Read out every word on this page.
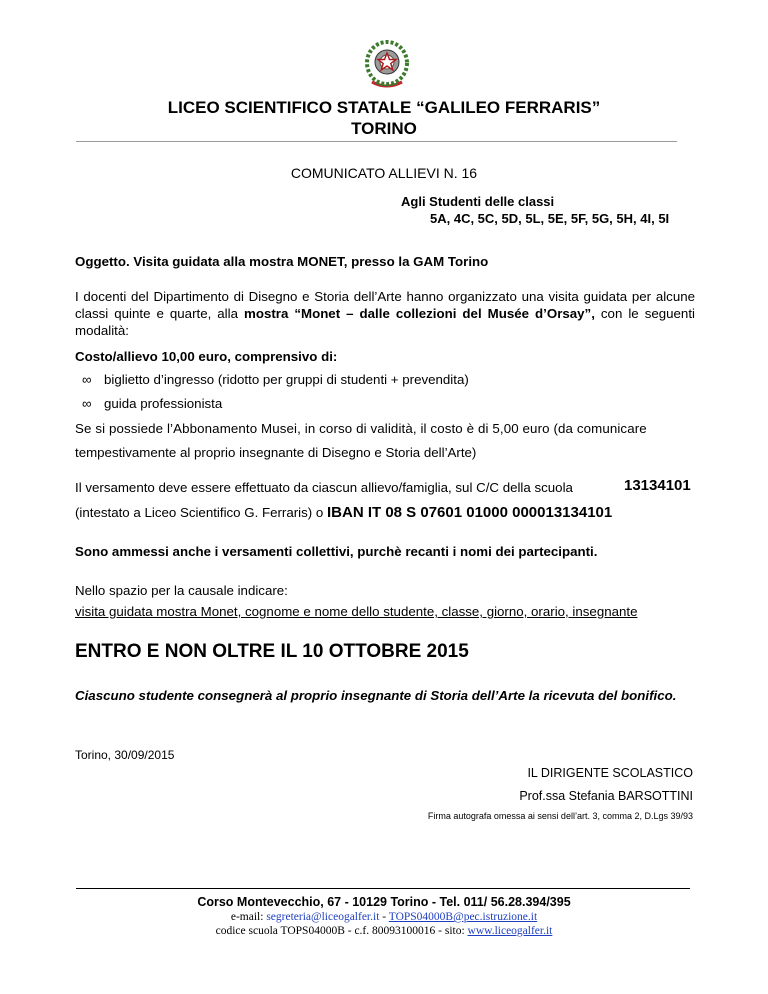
LICEO SCIENTIFICO STATALE “GALILEO FERRARIS”
TORINO
COMUNICATO ALLIEVI N. 16
Agli Studenti delle classi
5A, 4C, 5C, 5D, 5L, 5E, 5F, 5G, 5H, 4I, 5I
Oggetto. Visita guidata alla mostra MONET, presso la GAM Torino
I docenti del Dipartimento di Disegno e Storia dell’Arte hanno organizzato una visita guidata per alcune classi quinte e quarte, alla mostra “Monet – dalle collezioni del Musée d’Orsay”, con le seguenti modalità:
Costo/allievo 10,00 euro, comprensivo di:
∞ biglietto d’ingresso (ridotto per gruppi di studenti + prevendita)
∞ guida professionista
Se si possiede l’Abbonamento Musei, in corso di validità, il costo è di 5,00 euro (da comunicare
tempestivamente al proprio insegnante di Disegno e Storia dell’Arte)
Il versamento deve essere effettuato da ciascun allievo/famiglia, sul C/C della scuola	13134101
(intestato a Liceo Scientifico G. Ferraris) o IBAN IT 08 S 07601 01000 000013134101
Sono ammessi anche i versamenti collettivi, purchè recanti i nomi dei partecipanti.
Nello spazio per la causale indicare:
visita guidata mostra Monet, cognome e nome dello studente, classe, giorno, orario, insegnante
ENTRO E NON OLTRE IL 10 OTTOBRE 2015
Ciascuno studente consegnerà al proprio insegnante di Storia dell’Arte la ricevuta del bonifico.
Torino, 30/09/2015
IL DIRIGENTE SCOLASTICO
Prof.ssa Stefania BARSOTTINI
Firma autografa omessa ai sensi dell’art. 3, comma 2, D.Lgs 39/93
Corso Montevecchio, 67 - 10129 Torino - Tel. 011/ 56.28.394/395
e-mail: segreteria@liceogalfer.it - TOPS04000B@pec.istruzione.it
codice scuola TOPS04000B - c.f. 80093100016 - sito: www.liceogalfer.it
